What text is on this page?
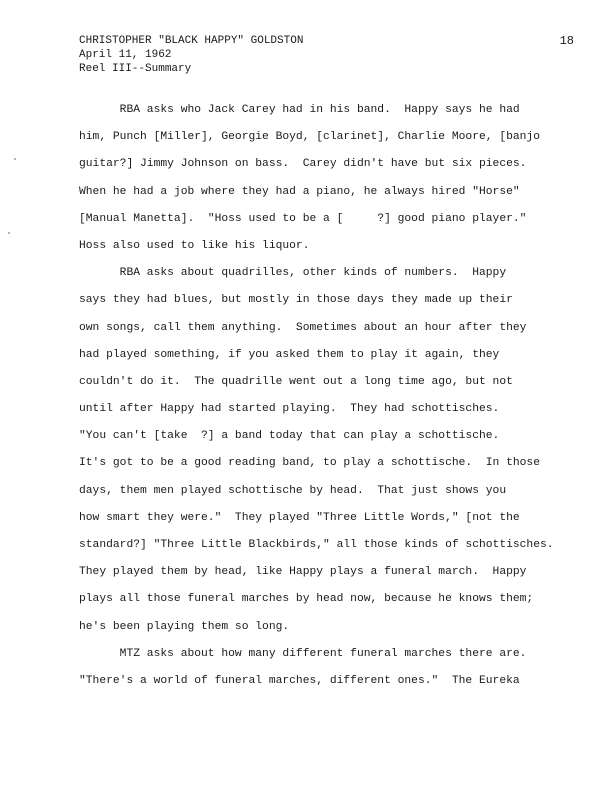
CHRISTOPHER "BLACK HAPPY" GOLDSTON
April 11, 1962
Reel III--Summary
18
RBA asks who Jack Carey had in his band.  Happy says he had
him, Punch [Miller], Georgie Boyd, [clarinet], Charlie Moore, [banjo
guitar?] Jimmy Johnson on bass.  Carey didn't have but six pieces.
When he had a job where they had a piano, he always hired "Horse"
[Manual Manetta].  "Hoss used to be a [     ?] good piano player."
Hoss also used to like his liquor.
RBA asks about quadrilles, other kinds of numbers.  Happy
says they had blues, but mostly in those days they made up their
own songs, call them anything.  Sometimes about an hour after they
had played something, if you asked them to play it again, they
couldn't do it.  The quadrille went out a long time ago, but not
until after Happy had started playing.  They had schottisches.
"You can't [take  ?] a band today that can play a schottische.
It's got to be a good reading band, to play a schottische.  In those
days, them men played schottische by head.  That just shows you
how smart they were."  They played "Three Little Words," [not the
standard?] "Three Little Blackbirds," all those kinds of schottisches.
They played them by head, like Happy plays a funeral march.  Happy
plays all those funeral marches by head now, because he knows them;
he's been playing them so long.
MTZ asks about how many different funeral marches there are.
"There's a world of funeral marches, different ones."  The Eureka
